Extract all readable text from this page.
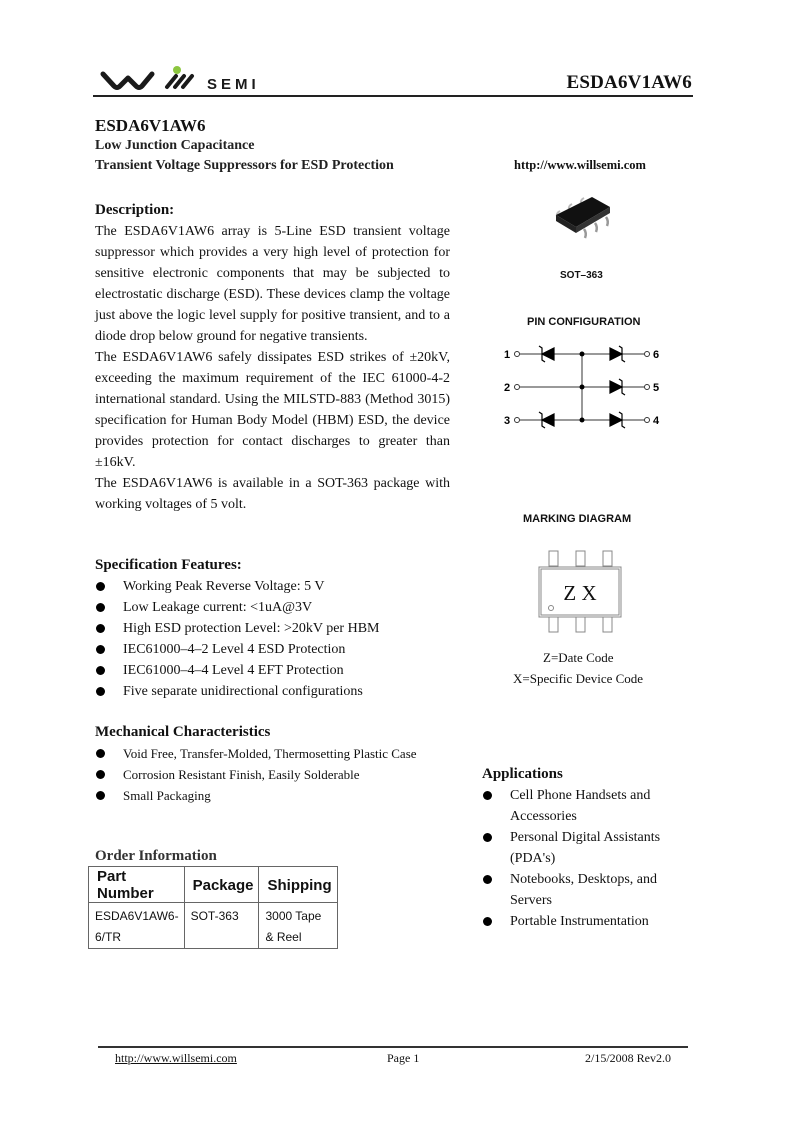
SEMI	ESDA6V1AW6
ESDA6V1AW6
Low Junction Capacitance
Transient Voltage Suppressors for ESD Protection
Description:

The ESDA6V1AW6 array is 5-Line ESD transient voltage suppressor which provides a very high level of protection for sensitive electronic components that may be subjected to electrostatic discharge (ESD). These devices clamp the voltage just above the logic level supply for positive transient, and to a diode drop below ground for negative transients.

The ESDA6V1AW6 safely dissipates ESD strikes of ±20kV, exceeding the maximum requirement of the IEC 61000-4-2 international standard. Using the MILSTD-883 (Method 3015) specification for Human Body Model (HBM) ESD, the device provides protection for contact discharges to greater than ±16kV.

The ESDA6V1AW6 is available in a SOT-363 package with working voltages of 5 volt.

Specification Features:
Working Peak Reverse Voltage: 5 V
Low Leakage current: <1uA@3V
High ESD protection Level: >20kV per HBM
IEC61000–4–2 Level 4 ESD Protection
IEC61000–4–4 Level 4 EFT Protection
Five separate unidirectional configurations
Mechanical Characteristics
Void Free, Transfer-Molded, Thermosetting Plastic Case
Corrosion Resistant Finish, Easily Solderable
Small Packaging
Order Information
Part Number	Package	Shipping
ESDA6V1AW6-6/TR	SOT-363	3000 Tape & Reel
http://www.willsemi.com
SOT–363
PIN CONFIGURATION
1
2
3
6
5
4
MARKING DIAGRAM
Z X
Z=Date Code
X=Specific Device Code
Applications
Cell Phone Handsets and Accessories
Personal Digital Assistants (PDA's)
Notebooks, Desktops, and Servers
Portable Instrumentation
http://www.willsemi.com	Page 1	2/15/2008 Rev2.0
